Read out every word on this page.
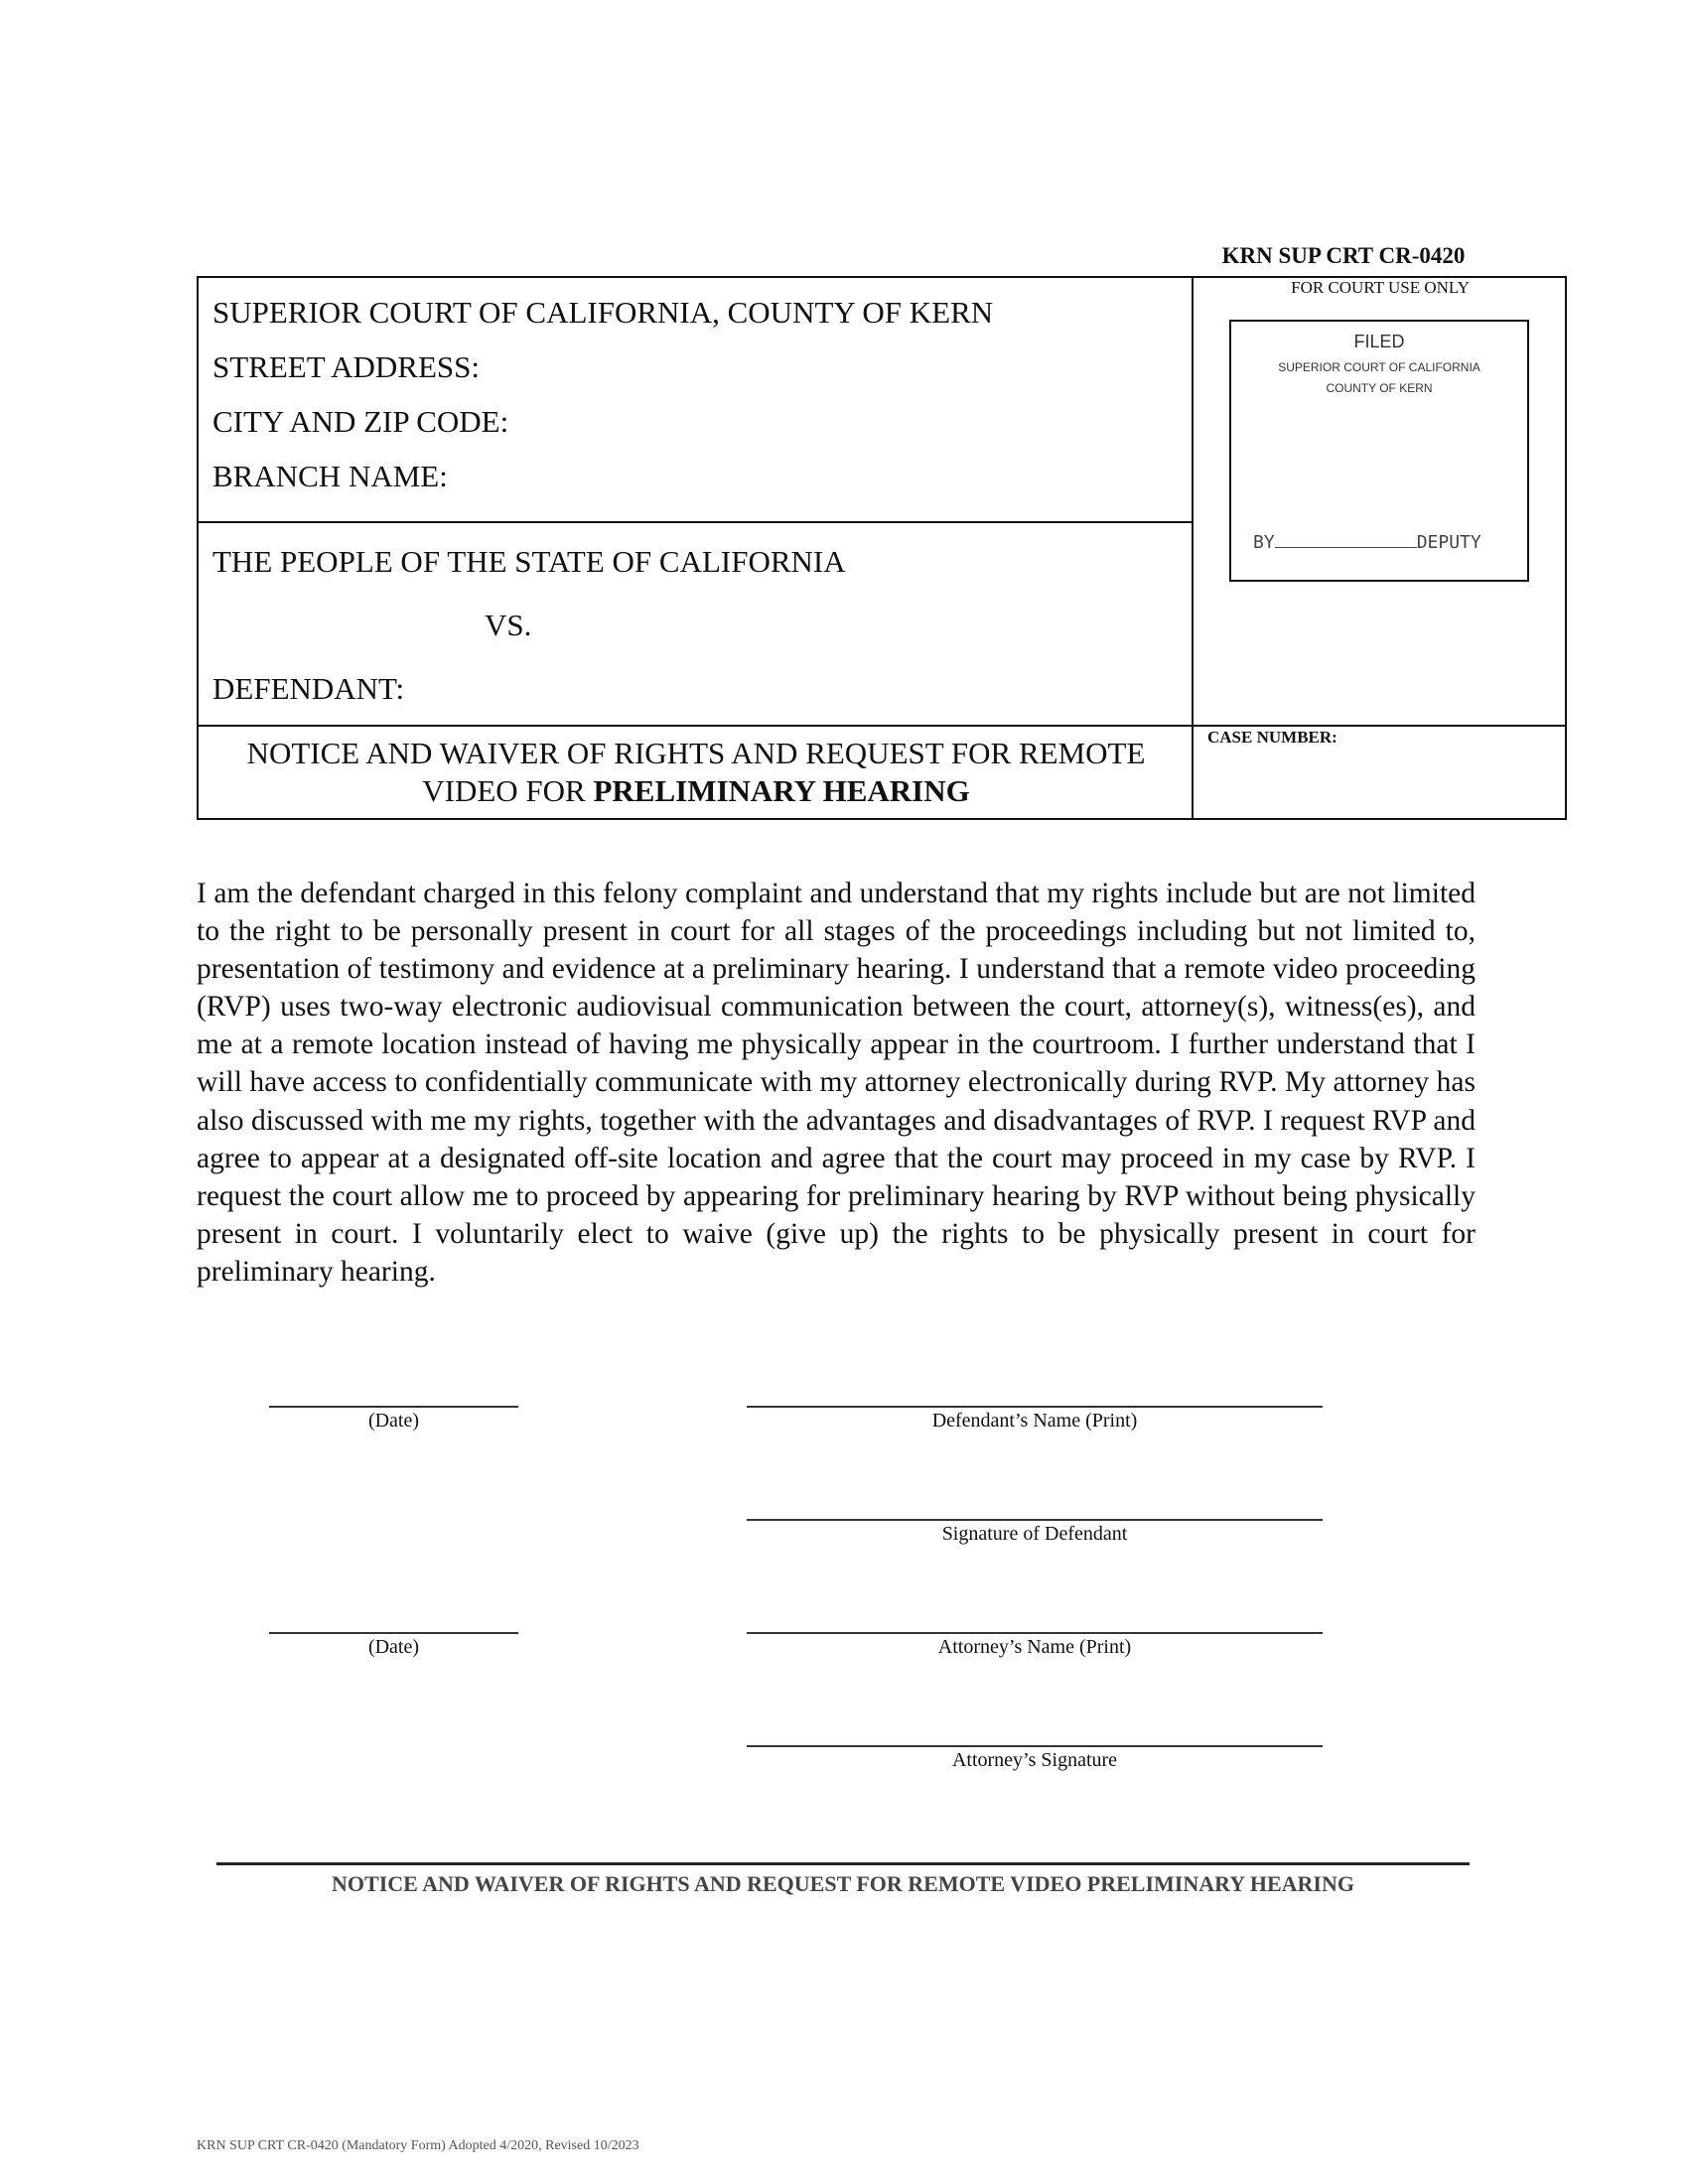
KRN SUP CRT CR-0420
SUPERIOR COURT OF CALIFORNIA, COUNTY OF KERN
STREET ADDRESS:
CITY AND ZIP CODE:
BRANCH NAME:
THE PEOPLE OF THE STATE OF CALIFORNIA
VS.
DEFENDANT:
NOTICE AND WAIVER OF RIGHTS AND REQUEST FOR REMOTE VIDEO FOR PRELIMINARY HEARING
FOR COURT USE ONLY
FILED
SUPERIOR COURT OF CALIFORNIA
COUNTY OF KERN
BY	DEPUTY
CASE NUMBER:
I am the defendant charged in this felony complaint and understand that my rights include but are not limited to the right to be personally present in court for all stages of the proceedings including but not limited to, presentation of testimony and evidence at a preliminary hearing. I understand that a remote video proceeding (RVP) uses two-way electronic audiovisual communication between the court, attorney(s), witness(es), and me at a remote location instead of having me physically appear in the courtroom. I further understand that I will have access to confidentially communicate with my attorney electronically during RVP. My attorney has also discussed with me my rights, together with the advantages and disadvantages of RVP. I request RVP and agree to appear at a designated off-site location and agree that the court may proceed in my case by RVP. I request the court allow me to proceed by appearing for preliminary hearing by RVP without being physically present in court. I voluntarily elect to waive (give up) the rights to be physically present in court for preliminary hearing.
(Date)	Defendant’s Name (Print)
Signature of Defendant
(Date)	Attorney’s Name (Print)
Attorney’s Signature
NOTICE AND WAIVER OF RIGHTS AND REQUEST FOR REMOTE VIDEO PRELIMINARY HEARING
KRN SUP CRT CR-0420 (Mandatory Form) Adopted 4/2020, Revised 10/2023
